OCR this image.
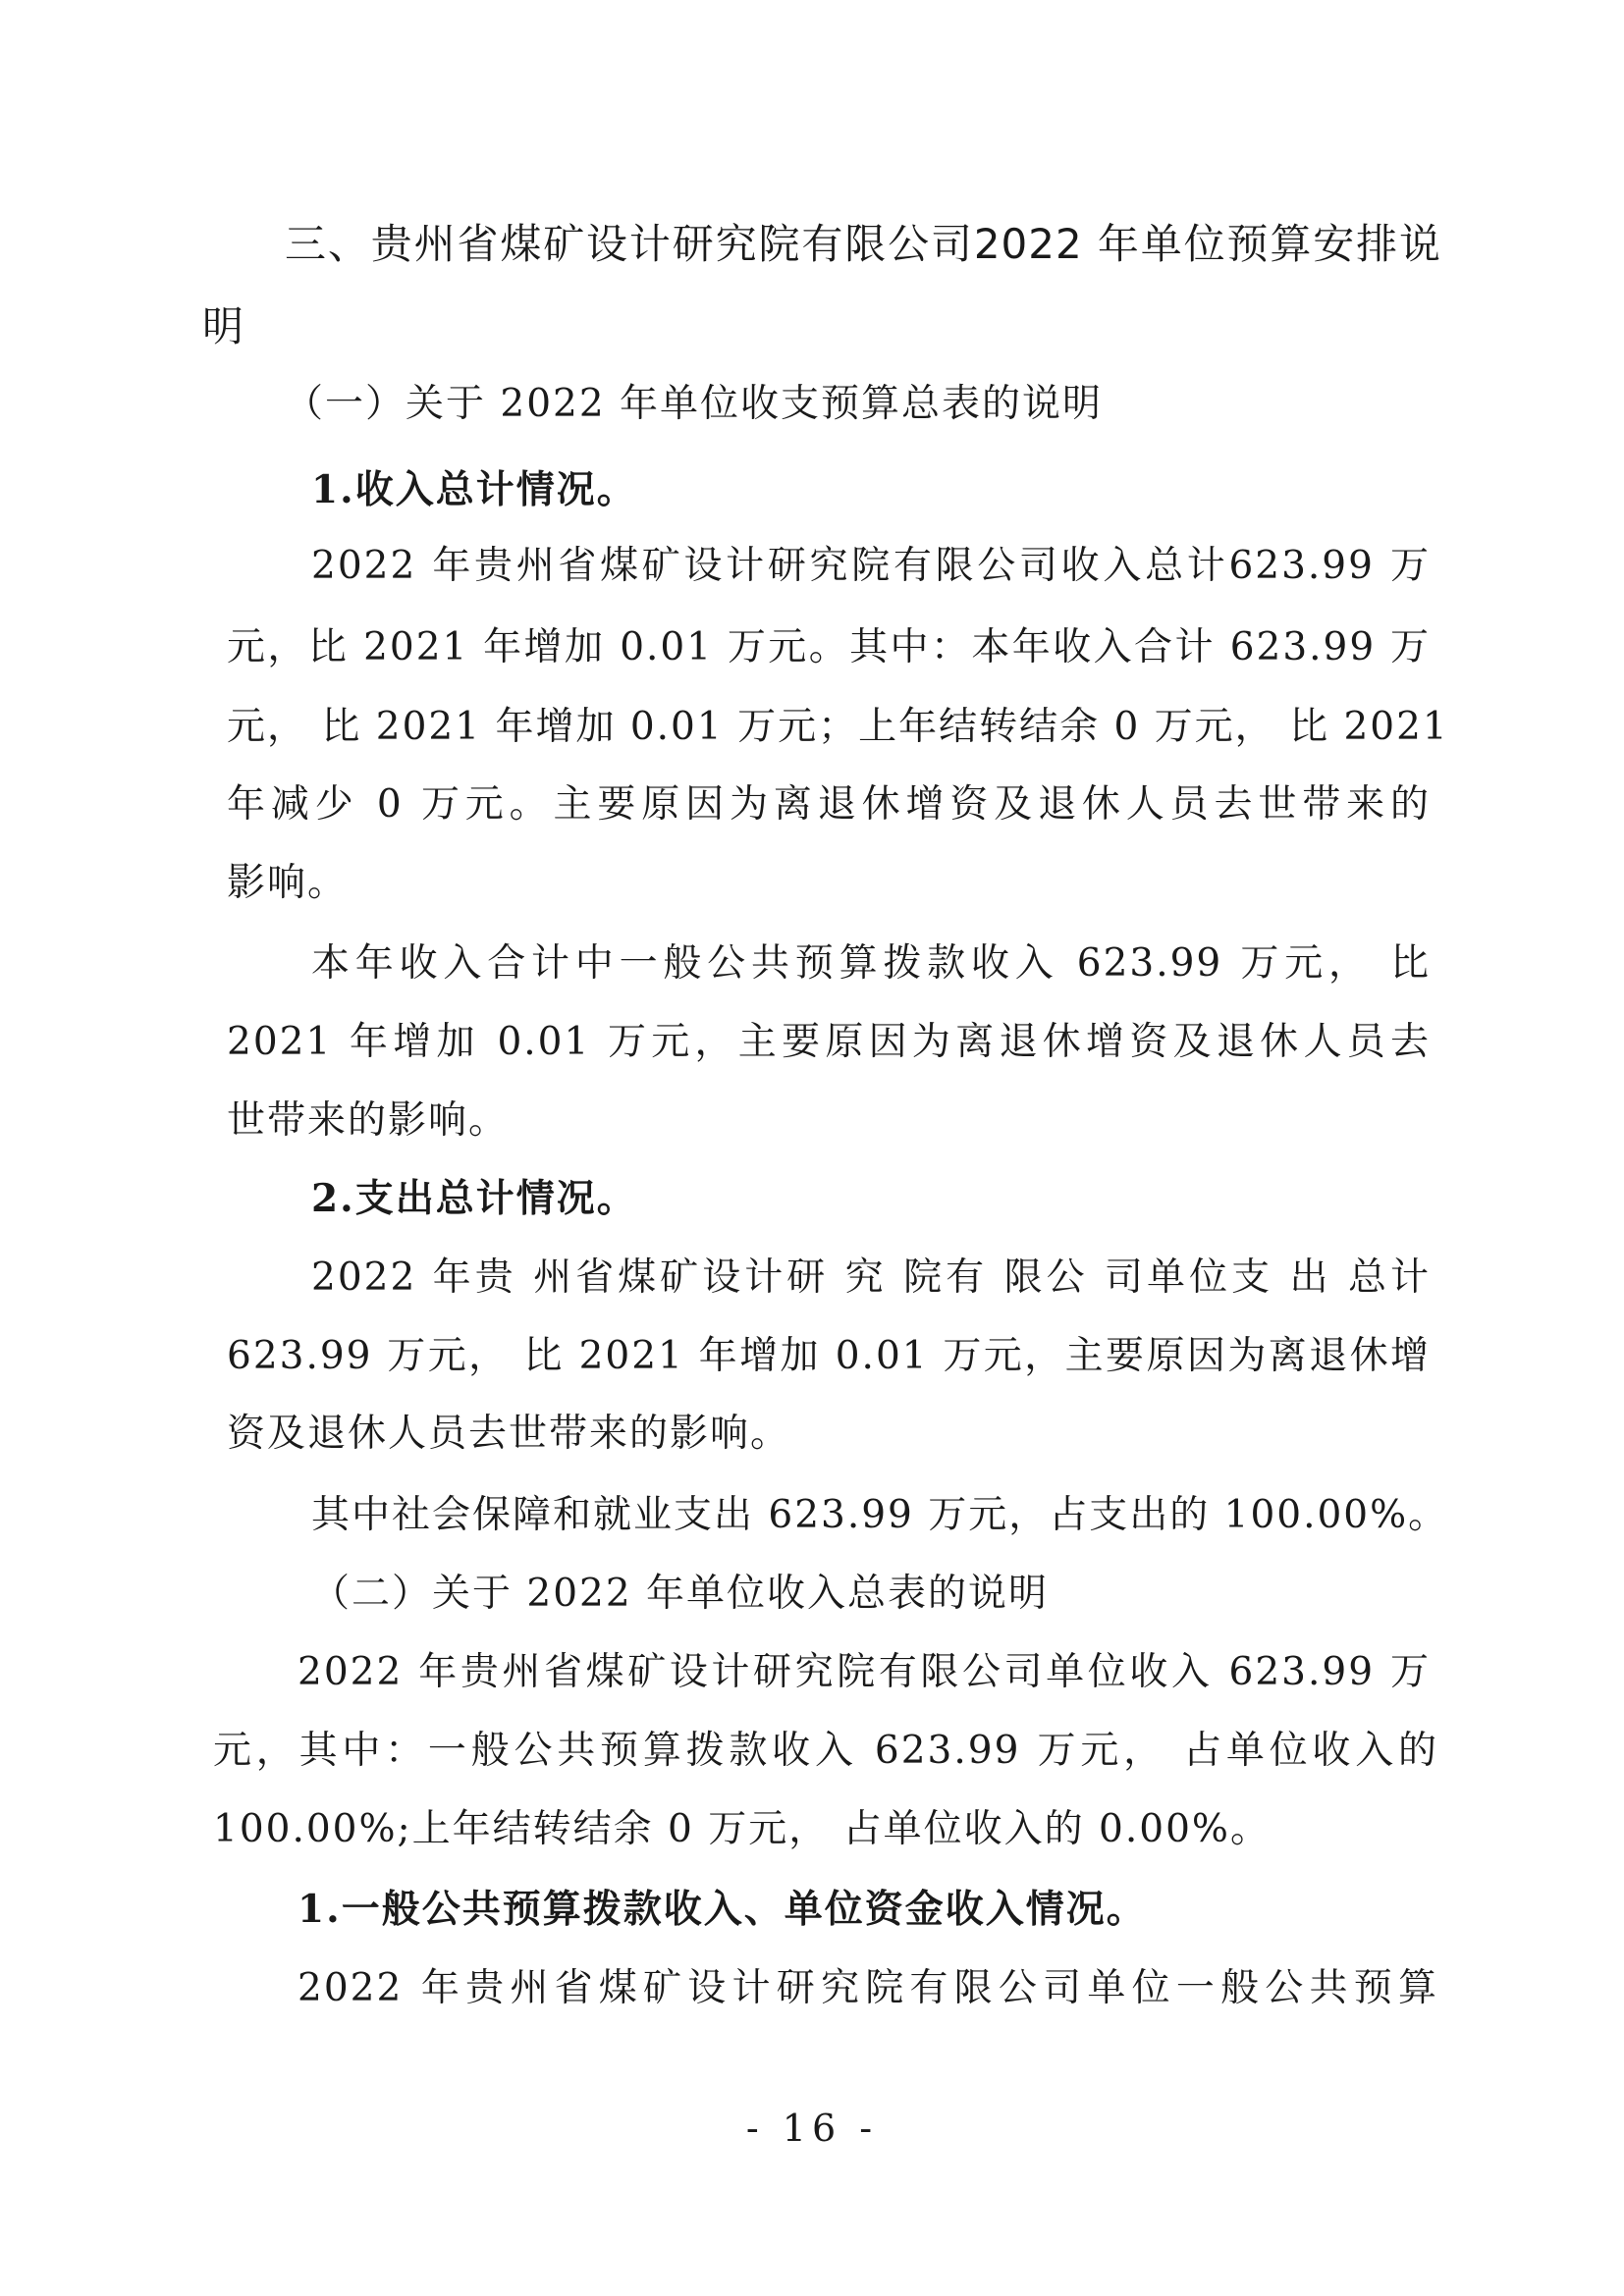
三、贵州省煤矿设计研究院有限公司2022 年单位预算安排说
明
（一）关于 2022 年单位收支预算总表的说明
1.收入总计情况。
2022 年贵州省煤矿设计研究院有限公司收入总计623.99 万
元，比 2021 年增加 0.01 万元。其中：本年收入合计 623.99 万
元， 比 2021 年增加 0.01 万元；上年结转结余 0 万元， 比 2021
年减少 0 万元。主要原因为离退休增资及退休人员去世带来的
影响。
本年收入合计中一般公共预算拨款收入 623.99 万元， 比
2021 年增加 0.01 万元，主要原因为离退休增资及退休人员去
世带来的影响。
2.支出总计情况。
2022 年贵 州省煤矿设计研 究 院有 限公 司单位支 出 总计
623.99 万元， 比 2021 年增加 0.01 万元，主要原因为离退休增
资及退休人员去世带来的影响。
其中社会保障和就业支出 623.99 万元，占支出的 100.00%。
（二）关于 2022 年单位收入总表的说明
2022 年贵州省煤矿设计研究院有限公司单位收入 623.99 万
元，其中：一般公共预算拨款收入 623.99 万元， 占单位收入的
100.00%;上年结转结余 0 万元， 占单位收入的 0.00%。
1.一般公共预算拨款收入、单位资金收入情况。
2022 年贵州省煤矿设计研究院有限公司单位一般公共预算
- 16 -
